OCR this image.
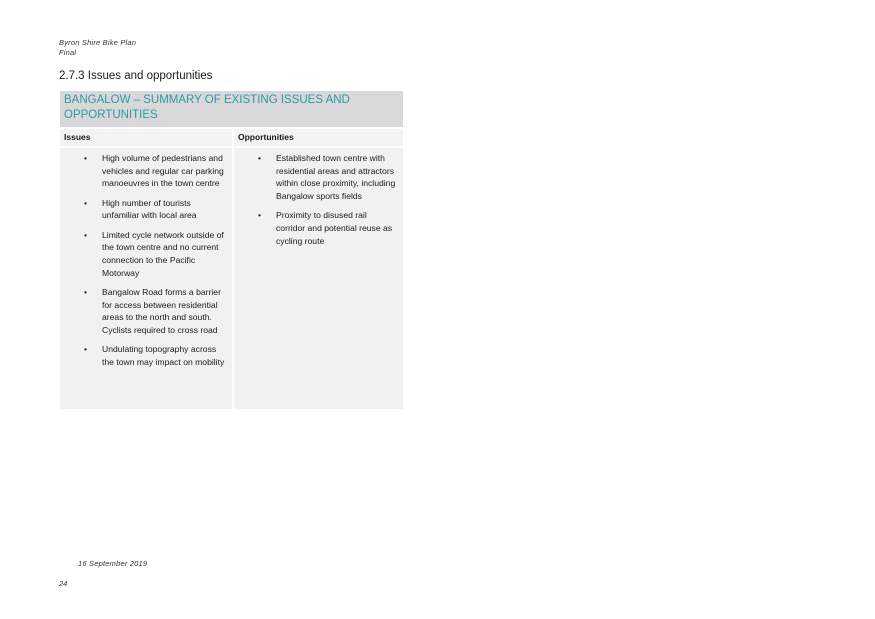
Byron Shire Bike Plan
Final
2.7.3 Issues and opportunities
BANGALOW – SUMMARY OF EXISTING ISSUES AND OPPORTUNITIES
Issues
• High volume of pedestrians and vehicles and regular car parking manoeuvres in the town centre
• High number of tourists unfamiliar with local area
• Limited cycle network outside of the town centre and no current connection to the Pacific Motorway
• Bangalow Road forms a barrier for access between residential areas to the north and south. Cyclists required to cross road
• Undulating topography across the town may impact on mobility
Opportunities
• Established town centre with residential areas and attractors within close proximity, including Bangalow sports fields
• Proximity to disused rail corridor and potential reuse as cycling route
16 September 2019
24
